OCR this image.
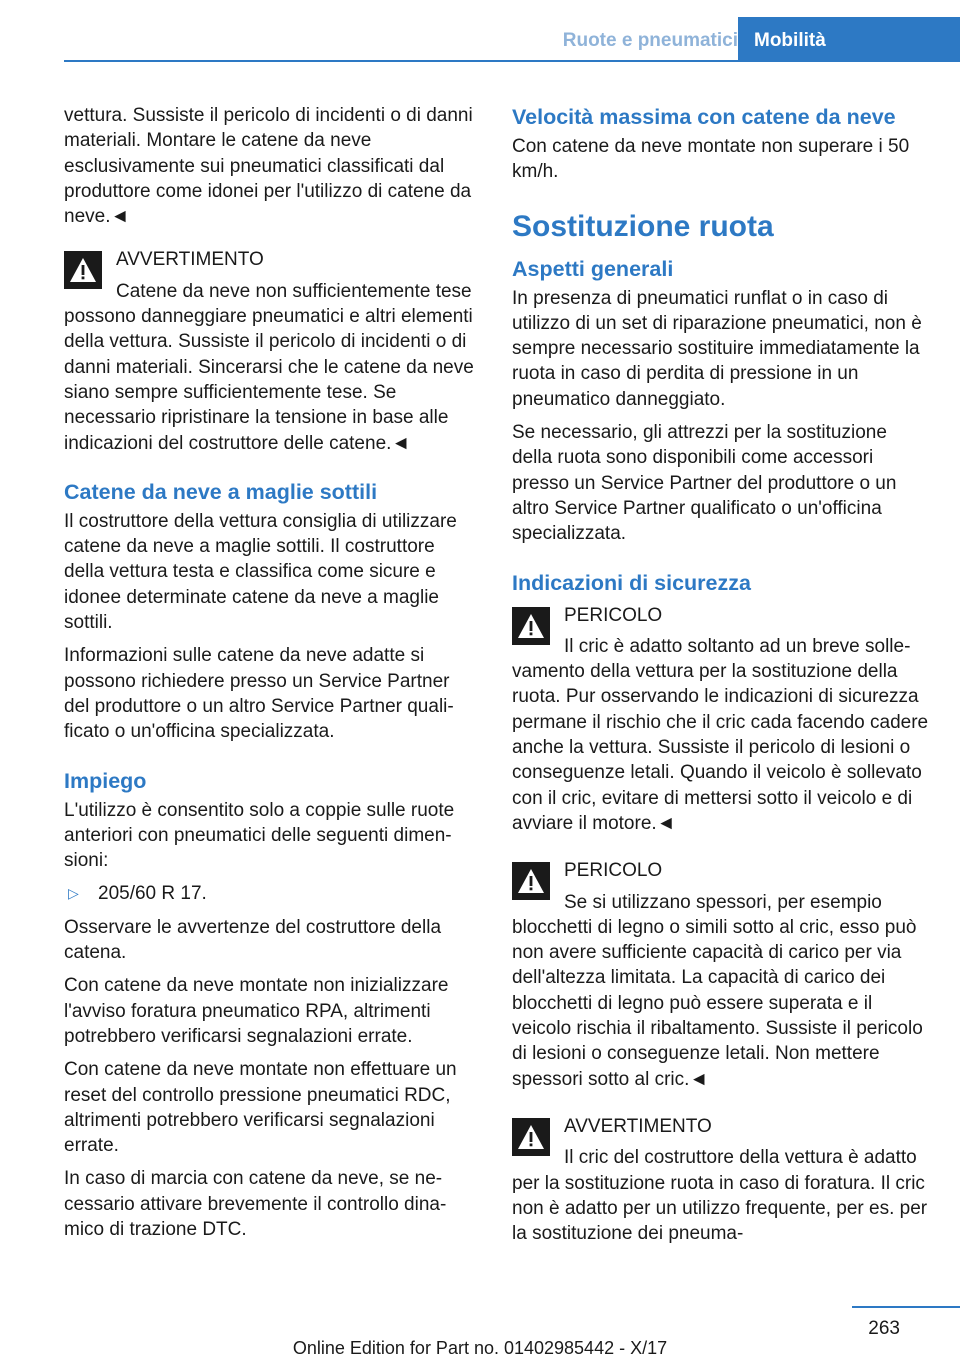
Ruote e pneumatici Mobilità

vettura. Sussiste il pericolo di incidenti o di danni materiali. Montare le catene da neve esclusivamente sui pneumatici classificati dal produttore come idonei per l'utilizzo di catene da neve.◄

AVVERTIMENTO

Catene da neve non sufficientemente tese possono danneggiare pneumatici e altri elementi della vettura. Sussiste il pericolo di incidenti o di danni materiali. Sincerarsi che le catene da neve siano sempre sufficientemente tese. Se necessario ripristinare la tensione in base alle indicazioni del costruttore delle catene.◄

Catene da neve a maglie sottili

Il costruttore della vettura consiglia di utilizzare catene da neve a maglie sottili. Il costruttore della vettura testa e classifica come sicure e idonee determinate catene da neve a maglie sottili.

Informazioni sulle catene da neve adatte si possono richiedere presso un Service Partner del produttore o un altro Service Partner qualificato o un'officina specializzata.

Impiego

L'utilizzo è consentito solo a coppie sulle ruote anteriori con pneumatici delle seguenti dimensioni:

▷	205/60 R 17.

Osservare le avvertenze del costruttore della catena.

Con catene da neve montate non inizializzare l'avviso foratura pneumatico RPA, altrimenti potrebbero verificarsi segnalazioni errate.

Con catene da neve montate non effettuare un reset del controllo pressione pneumatici RDC, altrimenti potrebbero verificarsi segnalazioni errate.

In caso di marcia con catene da neve, se necessario attivare brevemente il controllo dinamico di trazione DTC.

Velocità massima con catene da neve

Con catene da neve montate non superare i 50 km/h.

Sostituzione ruota
Aspetti generali

In presenza di pneumatici runflat o in caso di utilizzo di un set di riparazione pneumatici, non è sempre necessario sostituire immediatamente la ruota in caso di perdita di pressione in un pneumatico danneggiato.

Se necessario, gli attrezzi per la sostituzione della ruota sono disponibili come accessori presso un Service Partner del produttore o un altro Service Partner qualificato o un'officina specializzata.

Indicazioni di sicurezza

PERICOLO

Il cric è adatto soltanto ad un breve sollevamento della vettura per la sostituzione della ruota. Pur osservando le indicazioni di sicurezza permane il rischio che il cric cada facendo cadere anche la vettura. Sussiste il pericolo di lesioni o conseguenze letali. Quando il veicolo è sollevato con il cric, evitare di mettersi sotto il veicolo e di avviare il motore.◄

PERICOLO

Se si utilizzano spessori, per esempio blocchetti di legno o simili sotto al cric, esso può non avere sufficiente capacità di carico per via dell'altezza limitata. La capacità di carico dei blocchetti di legno può essere superata e il veicolo rischia il ribaltamento. Sussiste il pericolo di lesioni o conseguenze letali. Non mettere spessori sotto al cric.◄

AVVERTIMENTO

Il cric del costruttore della vettura è adatto per la sostituzione ruota in caso di foratura. Il cric non è adatto per un utilizzo frequente, per es. per la sostituzione dei pneuma-

263
Online Edition for Part no. 01402985442 - X/17
